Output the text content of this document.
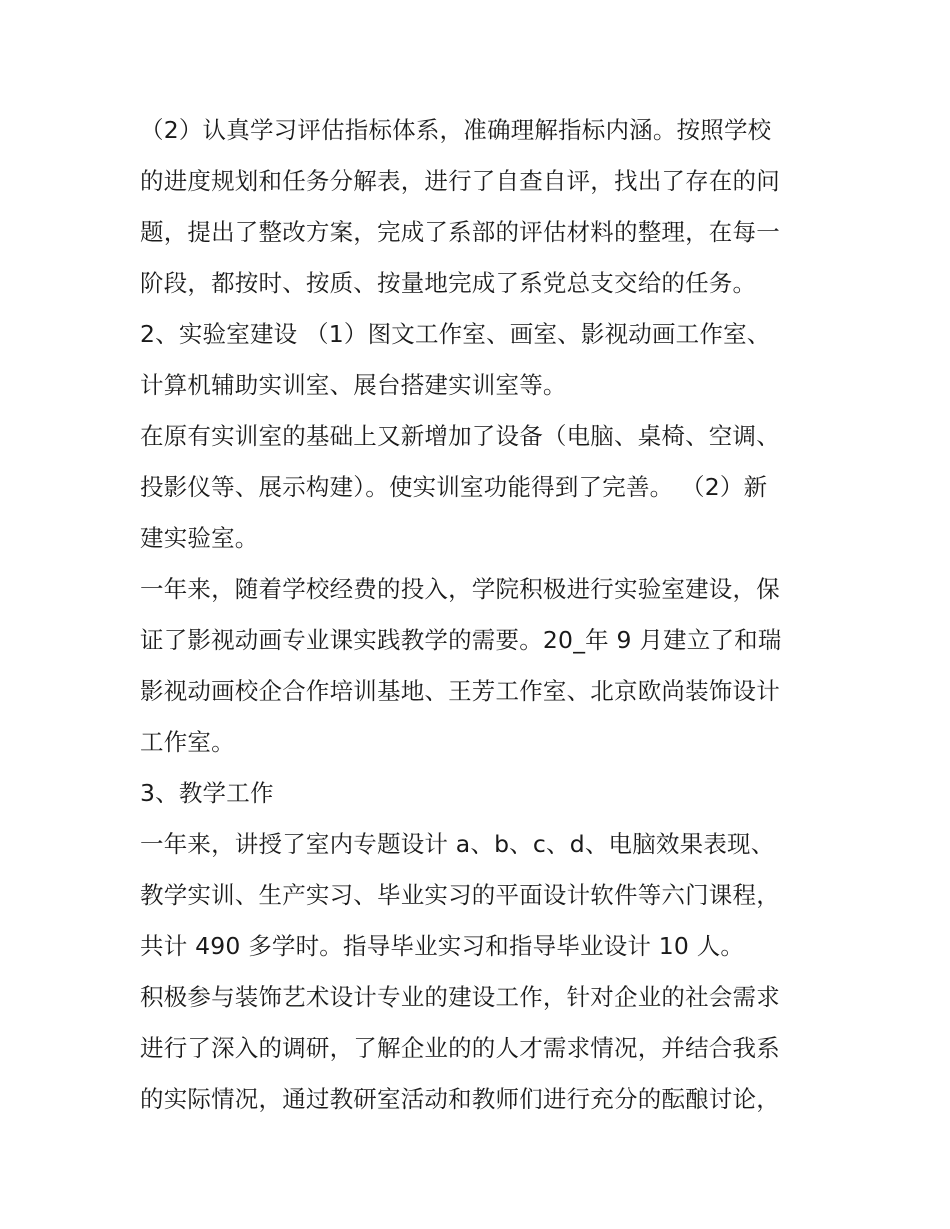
（2）认真学习评估指标体系，准确理解指标内涵。按照学校
的进度规划和任务分解表，进行了自查自评，找出了存在的问
题，提出了整改方案，完成了系部的评估材料的整理，在每一
阶段，都按时、按质、按量地完成了系党总支交给的任务。
2、实验室建设 （1）图文工作室、画室、影视动画工作室、
计算机辅助实训室、展台搭建实训室等。
在原有实训室的基础上又新增加了设备（电脑、桌椅、空调、
投影仪等、展示构建）。使实训室功能得到了完善。 （2）新
建实验室。
一年来，随着学校经费的投入，学院积极进行实验室建设，保
证了影视动画专业课实践教学的需要。20_年 9 月建立了和瑞
影视动画校企合作培训基地、王芳工作室、北京欧尚装饰设计
工作室。
3、教学工作
一年来，讲授了室内专题设计 a、b、c、d、电脑效果表现、
教学实训、生产实习、毕业实习的平面设计软件等六门课程，
共计 490 多学时。指导毕业实习和指导毕业设计 10 人。
积极参与装饰艺术设计专业的建设工作，针对企业的社会需求
进行了深入的调研，了解企业的的人才需求情况，并结合我系
的实际情况，通过教研室活动和教师们进行充分的酝酿讨论，
